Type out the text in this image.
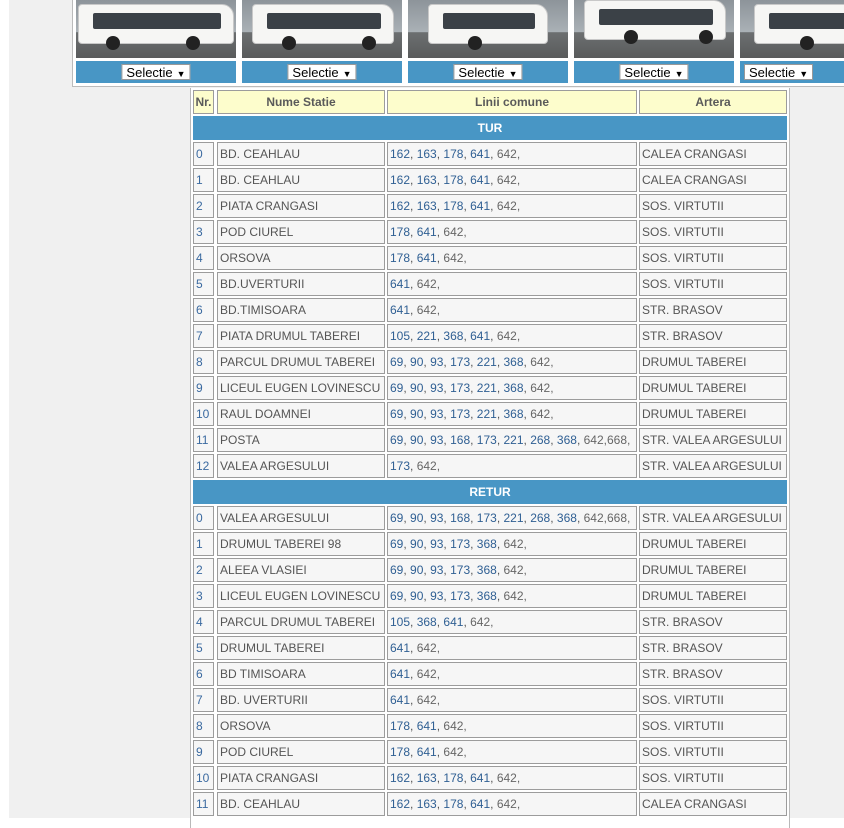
Selectie ▼	Selectie ▼	Selectie ▼	Selectie ▼	Selectie ▼
Nr.	Nume Statie	Linii comune	Artera
TUR
RETUR
0	BD. CEAHLAU	162, 163, 178, 641, 642,	CALEA CRANGASI
1	BD. CEAHLAU	162, 163, 178, 641, 642,	CALEA CRANGASI
2	PIATA CRANGASI	162, 163, 178, 641, 642,	SOS. VIRTUTII
3	POD CIUREL	178, 641, 642,	SOS. VIRTUTII
4	ORSOVA	178, 641, 642,	SOS. VIRTUTII
5	BD.UVERTURII	641, 642,	SOS. VIRTUTII
6	BD.TIMISOARA	641, 642,	STR. BRASOV
7	PIATA DRUMUL TABEREI	105, 221, 368, 641, 642,	STR. BRASOV
8	PARCUL DRUMUL TABEREI	69, 90, 93, 173, 221, 368, 642,	DRUMUL TABEREI
9	LICEUL EUGEN LOVINESCU 69, 90, 93, 173, 221, 368, 642,	DRUMUL TABEREI
10 RAUL DOAMNEI	69, 90, 93, 173, 221, 368, 642,	DRUMUL TABEREI
11 POSTA	69, 90, 93, 168, 173, 221, 268, 368, 642,668, STR. VALEA ARGESULUI
12 VALEA ARGESULUI	173, 642,	STR. VALEA ARGESULUI
0	VALEA ARGESULUI	69, 90, 93, 168, 173, 221, 268, 368, 642,668, STR. VALEA ARGESULUI
1	DRUMUL TABEREI 98	69, 90, 93, 173, 368, 642,	DRUMUL TABEREI
2	ALEEA VLASIEI	69, 90, 93, 173, 368, 642,	DRUMUL TABEREI
3	LICEUL EUGEN LOVINESCU 69, 90, 93, 173, 368, 642,	DRUMUL TABEREI
4	PARCUL DRUMUL TABEREI	105, 368, 641, 642,	STR. BRASOV
5	DRUMUL TABEREI	641, 642,	STR. BRASOV
6	BD TIMISOARA	641, 642,	STR. BRASOV
7	BD. UVERTURII	641, 642,	SOS. VIRTUTII
8	ORSOVA	178, 641, 642,	SOS. VIRTUTII
9	POD CIUREL	178, 641, 642,	SOS. VIRTUTII
10 PIATA CRANGASI	162, 163, 178, 641, 642,	SOS. VIRTUTII
11 BD. CEAHLAU	162, 163, 178, 641, 642,	CALEA CRANGASI
